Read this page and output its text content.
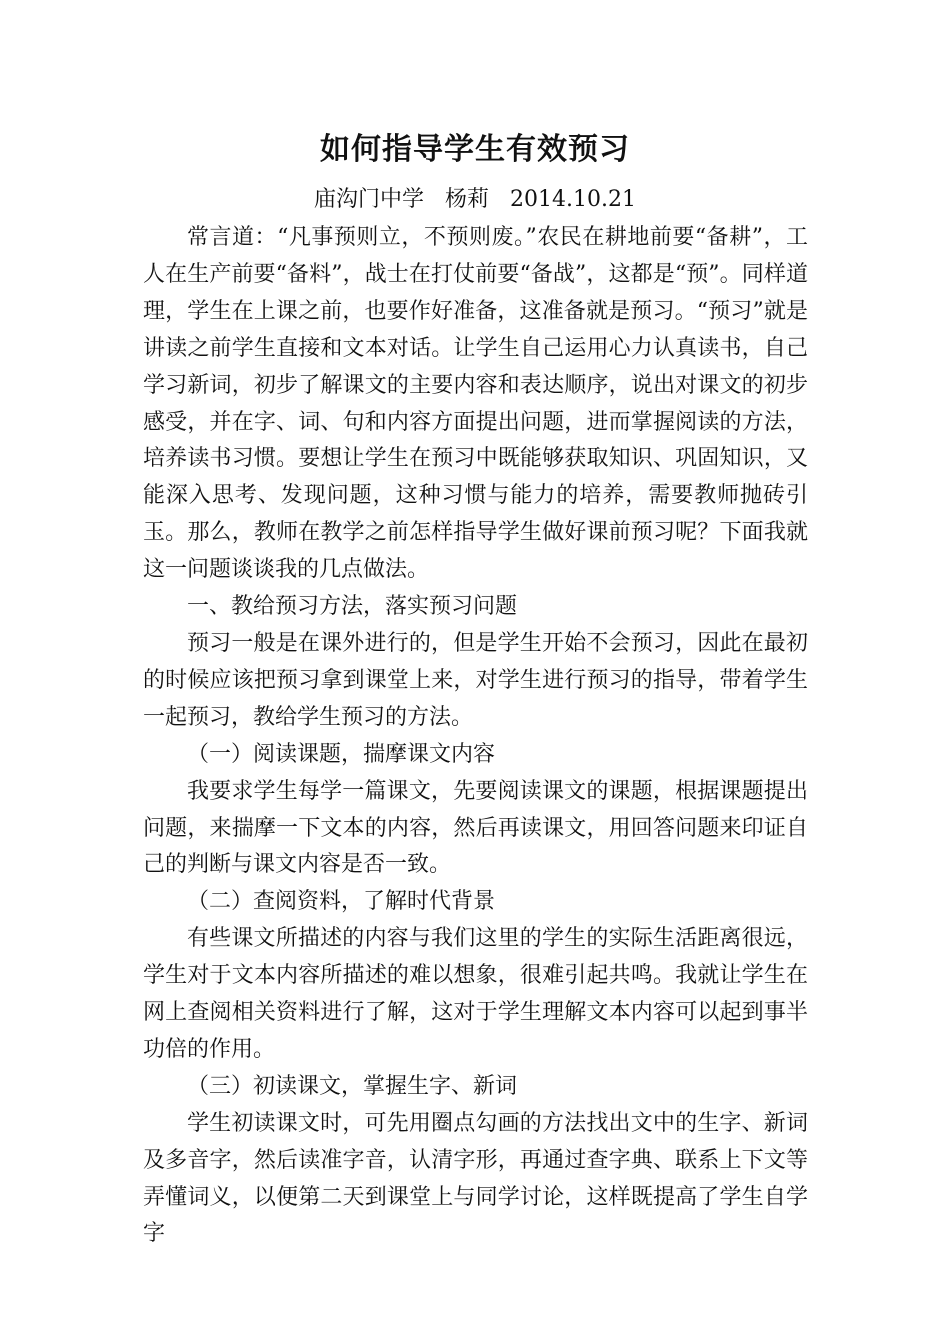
如何指导学生有效预习
庙沟门中学 杨莉 2014.10.21

常言道：“凡事预则立，不预则废。”农民在耕地前要“备耕”，工人在生产前要“备料”，战士在打仗前要“备战”，这都是“预”。同样道理，学生在上课之前，也要作好准备，这准备就是预习。“预习”就是讲读之前学生直接和文本对话。让学生自己运用心力认真读书，自己学习新词，初步了解课文的主要内容和表达顺序，说出对课文的初步感受，并在字、词、句和内容方面提出问题，进而掌握阅读的方法，培养读书习惯。要想让学生在预习中既能够获取知识、巩固知识，又能深入思考、发现问题，这种习惯与能力的培养，需要教师抛砖引玉。那么，教师在教学之前怎样指导学生做好课前预习呢？下面我就这一问题谈谈我的几点做法。

一、教给预习方法，落实预习问题

预习一般是在课外进行的，但是学生开始不会预习，因此在最初的时候应该把预习拿到课堂上来，对学生进行预习的指导，带着学生一起预习，教给学生预习的方法。

（一）阅读课题，揣摩课文内容

我要求学生每学一篇课文，先要阅读课文的课题，根据课题提出问题，来揣摩一下文本的内容，然后再读课文，用回答问题来印证自己的判断与课文内容是否一致。

（二）查阅资料，了解时代背景

有些课文所描述的内容与我们这里的学生的实际生活距离很远，学生对于文本内容所描述的难以想象，很难引起共鸣。我就让学生在网上查阅相关资料进行了解，这对于学生理解文本内容可以起到事半功倍的作用。

（三）初读课文，掌握生字、新词

学生初读课文时，可先用圈点勾画的方法找出文中的生字、新词及多音字，然后读准字音，认清字形，再通过查字典、联系上下文等弄懂词义，以便第二天到课堂上与同学讨论，这样既提高了学生自学字
